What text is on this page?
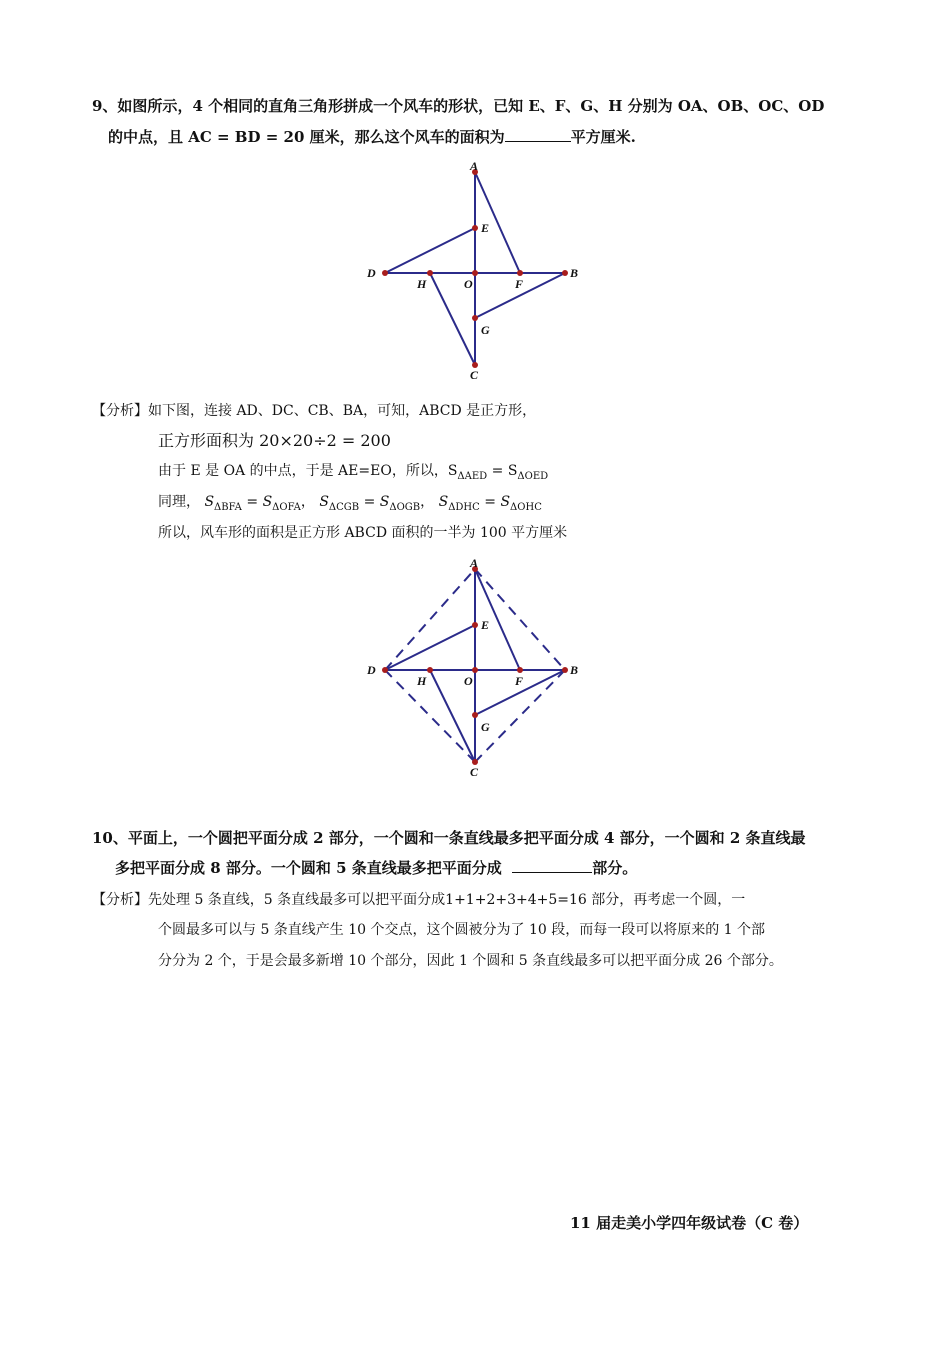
9、如图所示，4 个相同的直角三角形拼成一个风车的形状，已知 E、F、G、H 分别为 OA、OB、OC、OD
的中点，且 AC = BD = 20 厘米，那么这个风车的面积为	平方厘米.
A
B
C
D
E
F
G
H	O
【分析】如下图，连接 AD、DC、CB、BA，可知，ABCD 是正方形，
正方形面积为 20×20÷2 = 200
由于 E 是 OA 的中点，于是 AE=EO，所以，$S_{\Delta AED} = S_{\Delta OED}$
同理， $S_{\Delta BFA} = S_{\Delta OFA}$， $S_{\Delta CGB} = S_{\Delta OGB}$， $S_{\Delta DHC} = S_{\Delta OHC}$
所以，风车形的面积是正方形 ABCD 面积的一半为 100 平方厘米
A
B
C
D
E
F
G
H	O
10、平面上，一个圆把平面分成 2 部分，一个圆和一条直线最多把平面分成 4 部分，一个圆和 2 条直线最
多把平面分成 8 部分。一个圆和 5 条直线最多把平面分成	部分。
【分析】先处理 5 条直线，5 条直线最多可以把平面分成1+1+2+3+4+5=16 部分，再考虑一个圆，一
个圆最多可以与 5 条直线产生 10 个交点，这个圆被分为了 10 段，而每一段可以将原来的 1 个部
分分为 2 个，于是会最多新增 10 个部分，因此 1 个圆和 5 条直线最多可以把平面分成 26 个部分。
11 届走美小学四年级试卷（C 卷）
